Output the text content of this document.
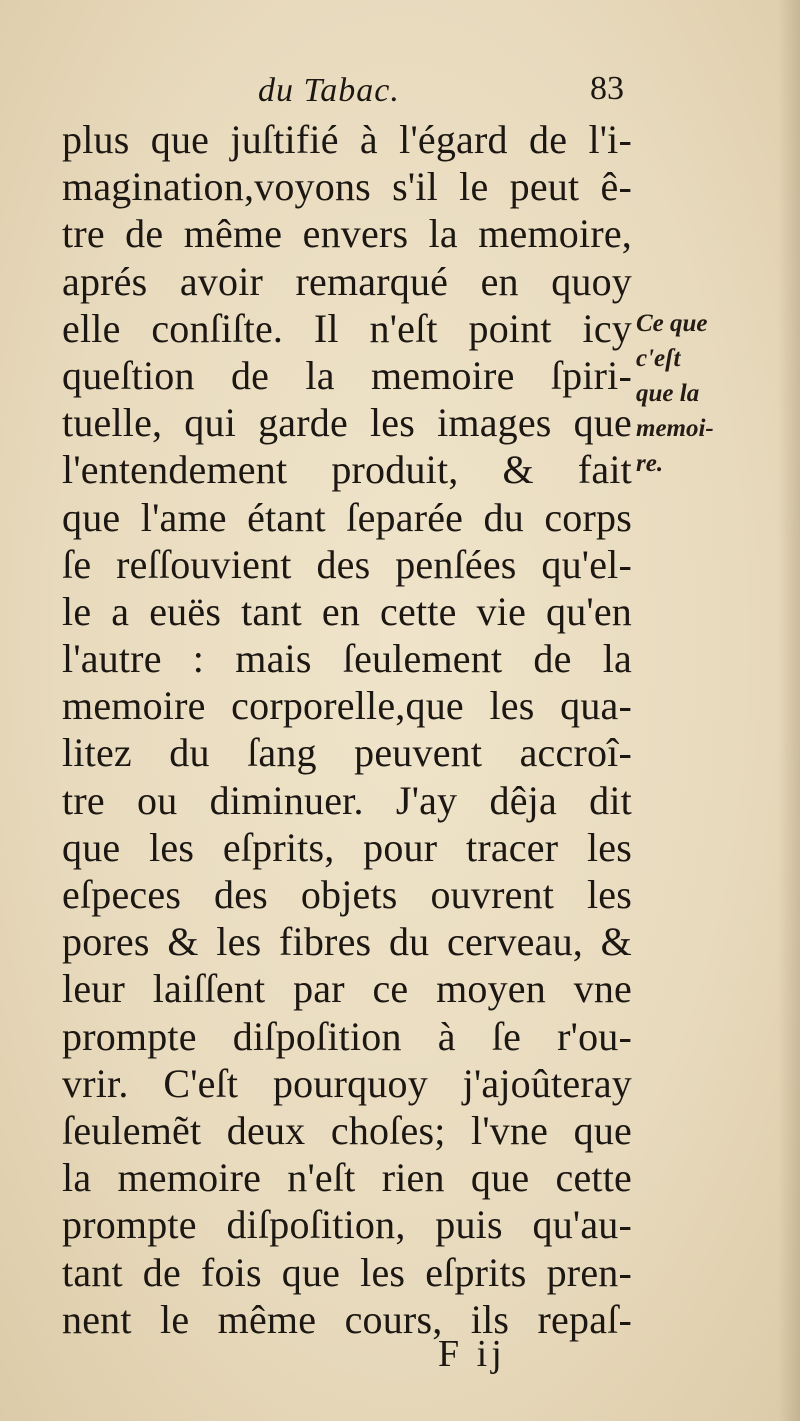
du Tabac.	83
plus que juſtifié à l'égard de l'i-
magination,voyons s'il le peut ê-
tre de même envers la memoire,
aprés avoir remarqué en quoy
elle conſiſte. Il n'eſt point icy
queſtion de la memoire ſpiri-
tuelle, qui garde les images que
l'entendement produit, & fait
que l'ame étant ſeparée du corps
ſe reſſouvient des penſées qu'el-
le a euës tant en cette vie qu'en
l'autre : mais ſeulement de la
memoire corporelle,que les qua-
litez du ſang peuvent accroî-
tre ou diminuer. J'ay dêja dit
que les eſprits, pour tracer les
eſpeces des objets ouvrent les
pores & les fibres du cerveau, &
leur laiſſent par ce moyen vne
prompte diſpoſition à ſe r'ou-
vrir. C'eſt pourquoy j'ajoûteray
ſeulemẽt deux choſes; l'vne que
la memoire n'eſt rien que cette
prompte diſpoſition, puis qu'au-
tant de fois que les eſprits pren-
nent le même cours, ils repaſ-
Ce que
c'eſt
que la
memoi-
re.
F ij
